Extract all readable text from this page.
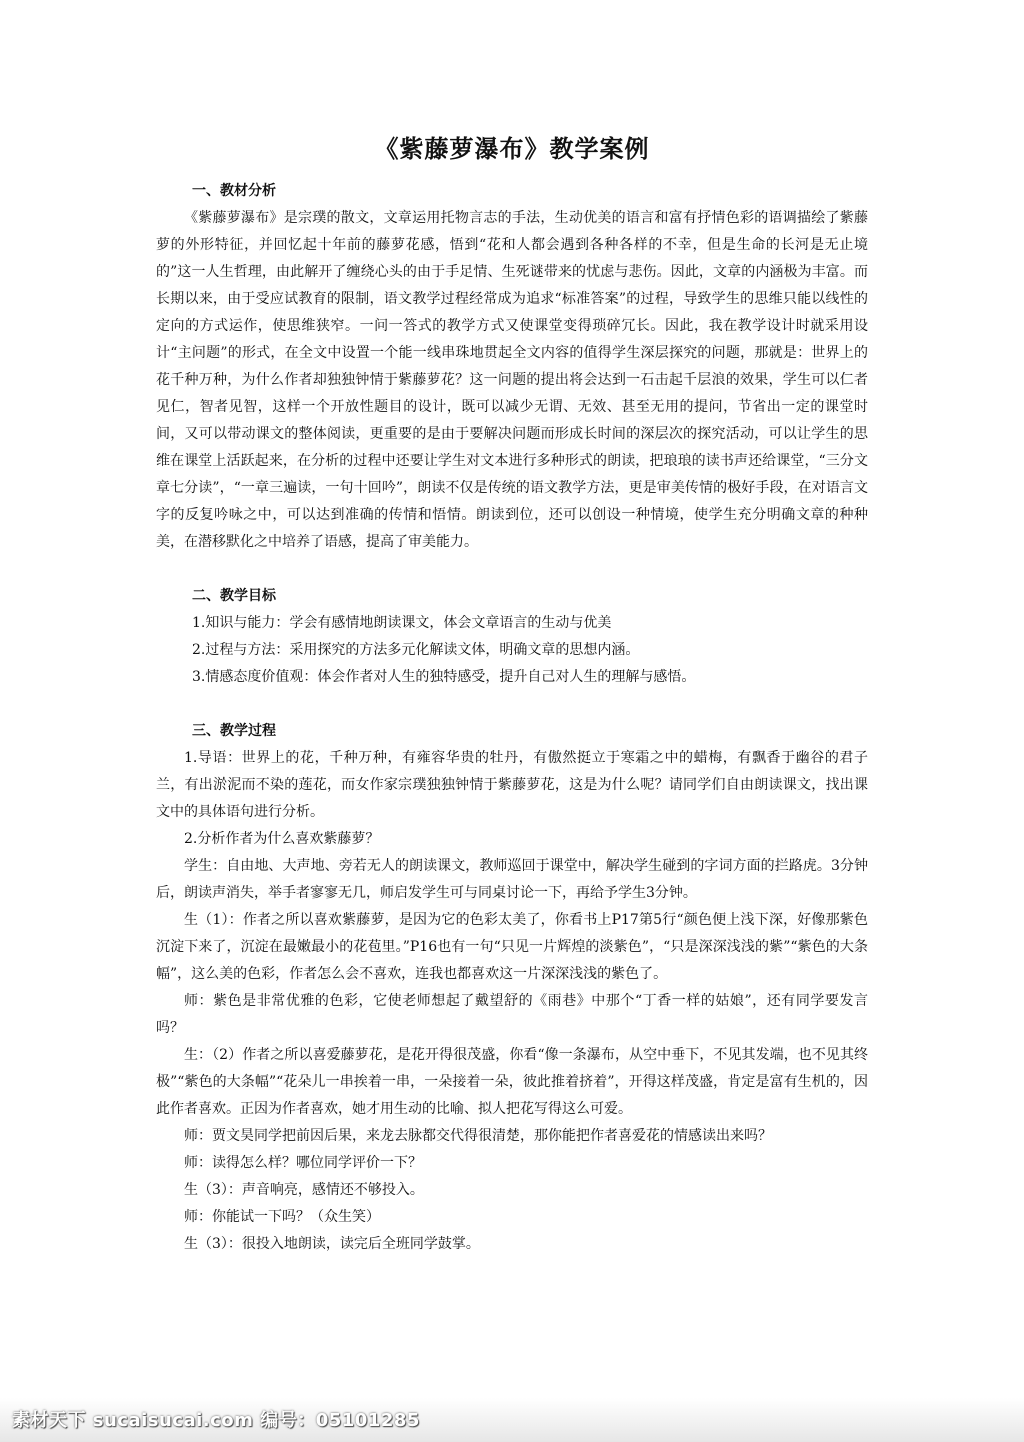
《紫藤萝瀑布》教学案例

一、教材分析

《紫藤萝瀑布》是宗璞的散文，文章运用托物言志的手法，生动优美的语言和富有抒情色彩的语调描绘了紫藤萝的外形特征，并回忆起十年前的藤萝花感，悟到“花和人都会遇到各种各样的不幸，但是生命的长河是无止境的”这一人生哲理，由此解开了缠绕心头的由于手足情、生死谜带来的忧虑与悲伤。因此，文章的内涵极为丰富。而长期以来，由于受应试教育的限制，语文教学过程经常成为追求“标准答案”的过程，导致学生的思维只能以线性的定向的方式运作，使思维狭窄。一问一答式的教学方式又使课堂变得琐碎冗长。因此，我在教学设计时就采用设计“主问题”的形式，在全文中设置一个能一线串珠地贯起全文内容的值得学生深层探究的问题，那就是：世界上的花千种万种，为什么作者却独独钟情于紫藤萝花？这一问题的提出将会达到一石击起千层浪的效果，学生可以仁者见仁，智者见智，这样一个开放性题目的设计，既可以减少无谓、无效、甚至无用的提问，节省出一定的课堂时间，又可以带动课文的整体阅读，更重要的是由于要解决问题而形成长时间的深层次的探究活动，可以让学生的思维在课堂上活跃起来，在分析的过程中还要让学生对文本进行多种形式的朗读，把琅琅的读书声还给课堂，“三分文章七分读”，“一章三遍读，一句十回吟”，朗读不仅是传统的语文教学方法，更是审美传情的极好手段，在对语言文字的反复吟咏之中，可以达到准确的传情和悟情。朗读到位，还可以创设一种情境，使学生充分明确文章的种种美，在潜移默化之中培养了语感，提高了审美能力。

二、教学目标

1.知识与能力：学会有感情地朗读课文，体会文章语言的生动与优美

2.过程与方法：采用探究的方法多元化解读文体，明确文章的思想内涵。

3.情感态度价值观：体会作者对人生的独特感受，提升自己对人生的理解与感悟。

三、教学过程

1.导语：世界上的花，千种万种，有雍容华贵的牡丹，有傲然挺立于寒霜之中的蜡梅，有飘香于幽谷的君子兰，有出淤泥而不染的莲花，而女作家宗璞独独钟情于紫藤萝花，这是为什么呢？请同学们自由朗读课文，找出课文中的具体语句进行分析。

2.分析作者为什么喜欢紫藤萝？

学生：自由地、大声地、旁若无人的朗读课文，教师巡回于课堂中，解决学生碰到的字词方面的拦路虎。3分钟后，朗读声消失，举手者寥寥无几，师启发学生可与同桌讨论一下，再给予学生3分钟。

生（1）：作者之所以喜欢紫藤萝，是因为它的色彩太美了，你看书上P17第5行“颜色便上浅下深，好像那紫色沉淀下来了，沉淀在最嫩最小的花苞里。”P16也有一句“只见一片辉煌的淡紫色”，“只是深深浅浅的紫”“紫色的大条幅”，这么美的色彩，作者怎么会不喜欢，连我也都喜欢这一片深深浅浅的紫色了。

师：紫色是非常优雅的色彩，它使老师想起了戴望舒的《雨巷》中那个“丁香一样的姑娘”，还有同学要发言吗？

生：（2）作者之所以喜爱藤萝花，是花开得很茂盛，你看“像一条瀑布，从空中垂下，不见其发端，也不见其终极”“紫色的大条幅”“花朵儿一串挨着一串，一朵接着一朵，彼此推着挤着”，开得这样茂盛，肯定是富有生机的，因此作者喜欢。正因为作者喜欢，她才用生动的比喻、拟人把花写得这么可爱。

师：贾文昊同学把前因后果，来龙去脉都交代得很清楚，那你能把作者喜爱花的情感读出来吗？

师：读得怎么样？哪位同学评价一下？

生（3）：声音响亮，感情还不够投入。

师：你能试一下吗？（众生笑）

生（3）：很投入地朗读，读完后全班同学鼓掌。

素材天下 sucaisucai.com 编号：05101285
